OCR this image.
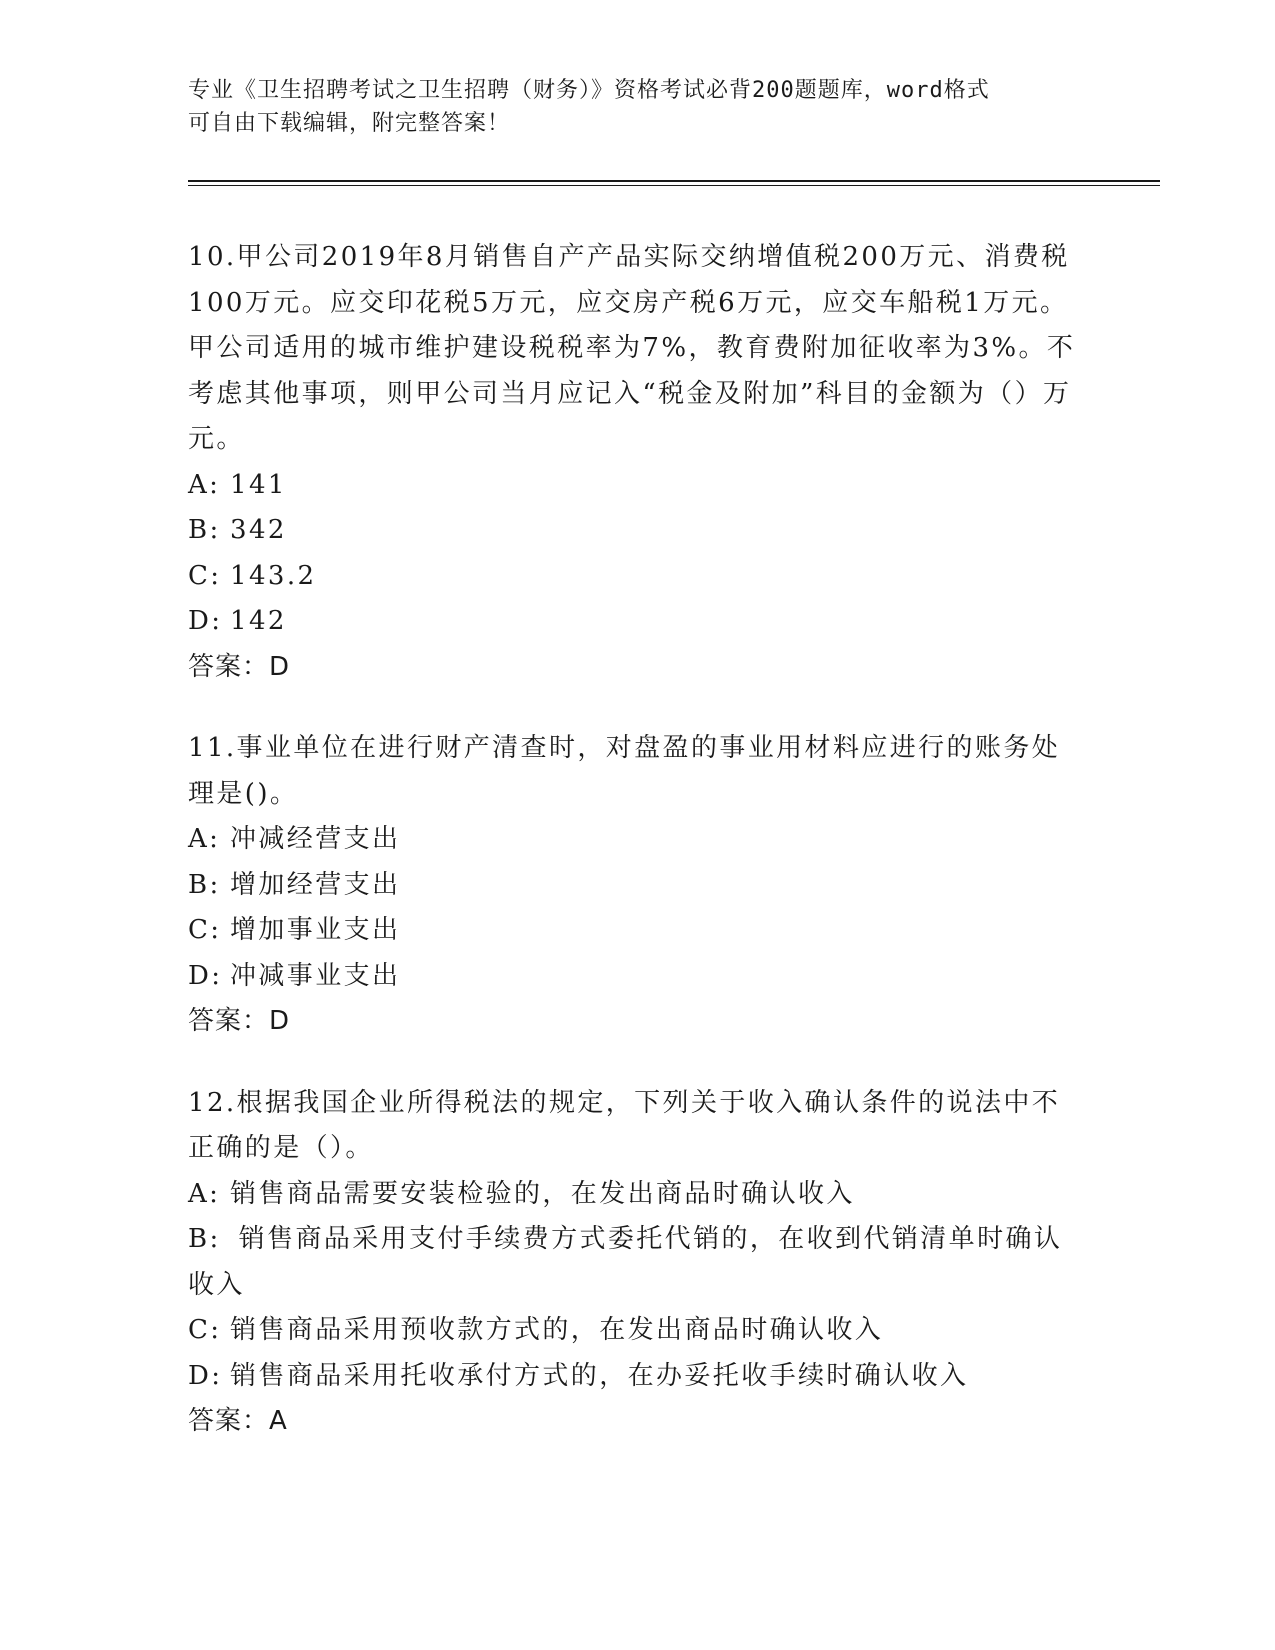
专业《卫生招聘考试之卫生招聘（财务）》资格考试必背200题题库，word格式
可自由下载编辑，附完整答案！

10.甲公司2019年8月销售自产产品实际交纳增值税200万元、消费税100万元。应交印花税5万元，应交房产税6万元，应交车船税1万元。甲公司适用的城市维护建设税税率为7%，教育费附加征收率为3%。不考虑其他事项，则甲公司当月应记入“税金及附加”科目的金额为（）万元。

A: 141

B: 342

C: 143.2

D: 142

答案：D

11.事业单位在进行财产清查时，对盘盈的事业用材料应进行的账务处理是()。

A: 冲减经营支出

B: 增加经营支出

C: 增加事业支出

D: 冲减事业支出

答案：D

12.根据我国企业所得税法的规定，下列关于收入确认条件的说法中不正确的是（）。

A: 销售商品需要安装检验的，在发出商品时确认收入

B: 销售商品采用支付手续费方式委托代销的，在收到代销清单时确认收入

C: 销售商品采用预收款方式的，在发出商品时确认收入

D: 销售商品采用托收承付方式的，在办妥托收手续时确认收入

答案：A
